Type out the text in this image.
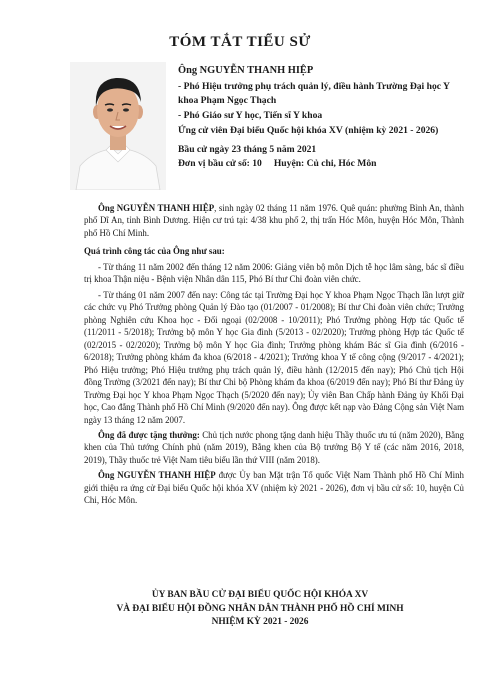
TÓM TẮT TIỂU SỬ
Ông NGUYỄN THANH HIỆP
- Phó Hiệu trưởng phụ trách quản lý, điều hành Trường Đại học Y khoa Phạm Ngọc Thạch
- Phó Giáo sư Y học, Tiến sĩ Y khoa
Ứng cử viên Đại biểu Quốc hội khóa XV (nhiệm kỳ 2021 - 2026)
Bầu cử ngày 23 tháng 5 năm 2021
Đơn vị bầu cử số: 10 Huyện: Củ chi, Hóc Môn

Ông NGUYỄN THANH HIỆP, sinh ngày 02 tháng 11 năm 1976. Quê quán: phường Bình An, thành phố Dĩ An, tỉnh Bình Dương. Hiện cư trú tại: 4/38 khu phố 2, thị trấn Hóc Môn, huyện Hóc Môn, Thành phố Hồ Chí Minh.

Quá trình công tác của Ông như sau:

- Từ tháng 11 năm 2002 đến tháng 12 năm 2006: Giảng viên bộ môn Dịch tễ học lâm sàng, bác sĩ điều trị khoa Thận niệu - Bệnh viện Nhân dân 115, Phó Bí thư Chi đoàn viên chức.

- Từ tháng 01 năm 2007 đến nay: Công tác tại Trường Đại học Y khoa Phạm Ngọc Thạch lần lượt giữ các chức vụ Phó Trưởng phòng Quản lý Đào tạo (01/2007 - 01/2008); Bí thư Chi đoàn viên chức; Trưởng phòng Nghiên cứu Khoa học - Đối ngoại (02/2008 - 10/2011); Phó Trưởng phòng Hợp tác Quốc tế (11/2011 - 5/2018); Trưởng bộ môn Y học Gia đình (5/2013 - 02/2020); Trưởng phòng Hợp tác Quốc tế (02/2015 - 02/2020); Trưởng bộ môn Y học Gia đình; Trưởng phòng khám Bác sĩ Gia đình (6/2016 - 6/2018); Trưởng phòng khám đa khoa (6/2018 - 4/2021); Trưởng khoa Y tế công cộng (9/2017 - 4/2021); Phó Hiệu trưởng; Phó Hiệu trưởng phụ trách quản lý, điều hành (12/2015 đến nay); Phó Chủ tịch Hội đồng Trường (3/2021 đến nay); Bí thư Chi bộ Phòng khám đa khoa (6/2019 đến nay); Phó Bí thư Đảng ủy Trường Đại học Y khoa Phạm Ngọc Thạch (5/2020 đến nay); Ủy viên Ban Chấp hành Đảng ủy Khối Đại học, Cao đẳng Thành phố Hồ Chí Minh (9/2020 đến nay). Ông được kết nạp vào Đảng Cộng sản Việt Nam ngày 13 tháng 12 năm 2007.

Ông đã được tặng thưởng: Chủ tịch nước phong tặng danh hiệu Thầy thuốc ưu tú (năm 2020), Bằng khen của Thủ tướng Chính phủ (năm 2019), Bằng khen của Bộ trưởng Bộ Y tế (các năm 2016, 2018, 2019), Thầy thuốc trẻ Việt Nam tiêu biểu lần thứ VIII (năm 2018).

Ông NGUYỄN THANH HIỆP được Ủy ban Mặt trận Tổ quốc Việt Nam Thành phố Hồ Chí Minh giới thiệu ra ứng cử Đại biểu Quốc hội khóa XV (nhiệm kỳ 2021 - 2026), đơn vị bầu cử số: 10, huyện Củ Chi, Hóc Môn.

ỦY BAN BẦU CỬ ĐẠI BIỂU QUỐC HỘI KHÓA XV
VÀ ĐẠI BIỂU HỘI ĐỒNG NHÂN DÂN THÀNH PHỐ HỒ CHÍ MINH
NHIỆM KỲ 2021 - 2026
